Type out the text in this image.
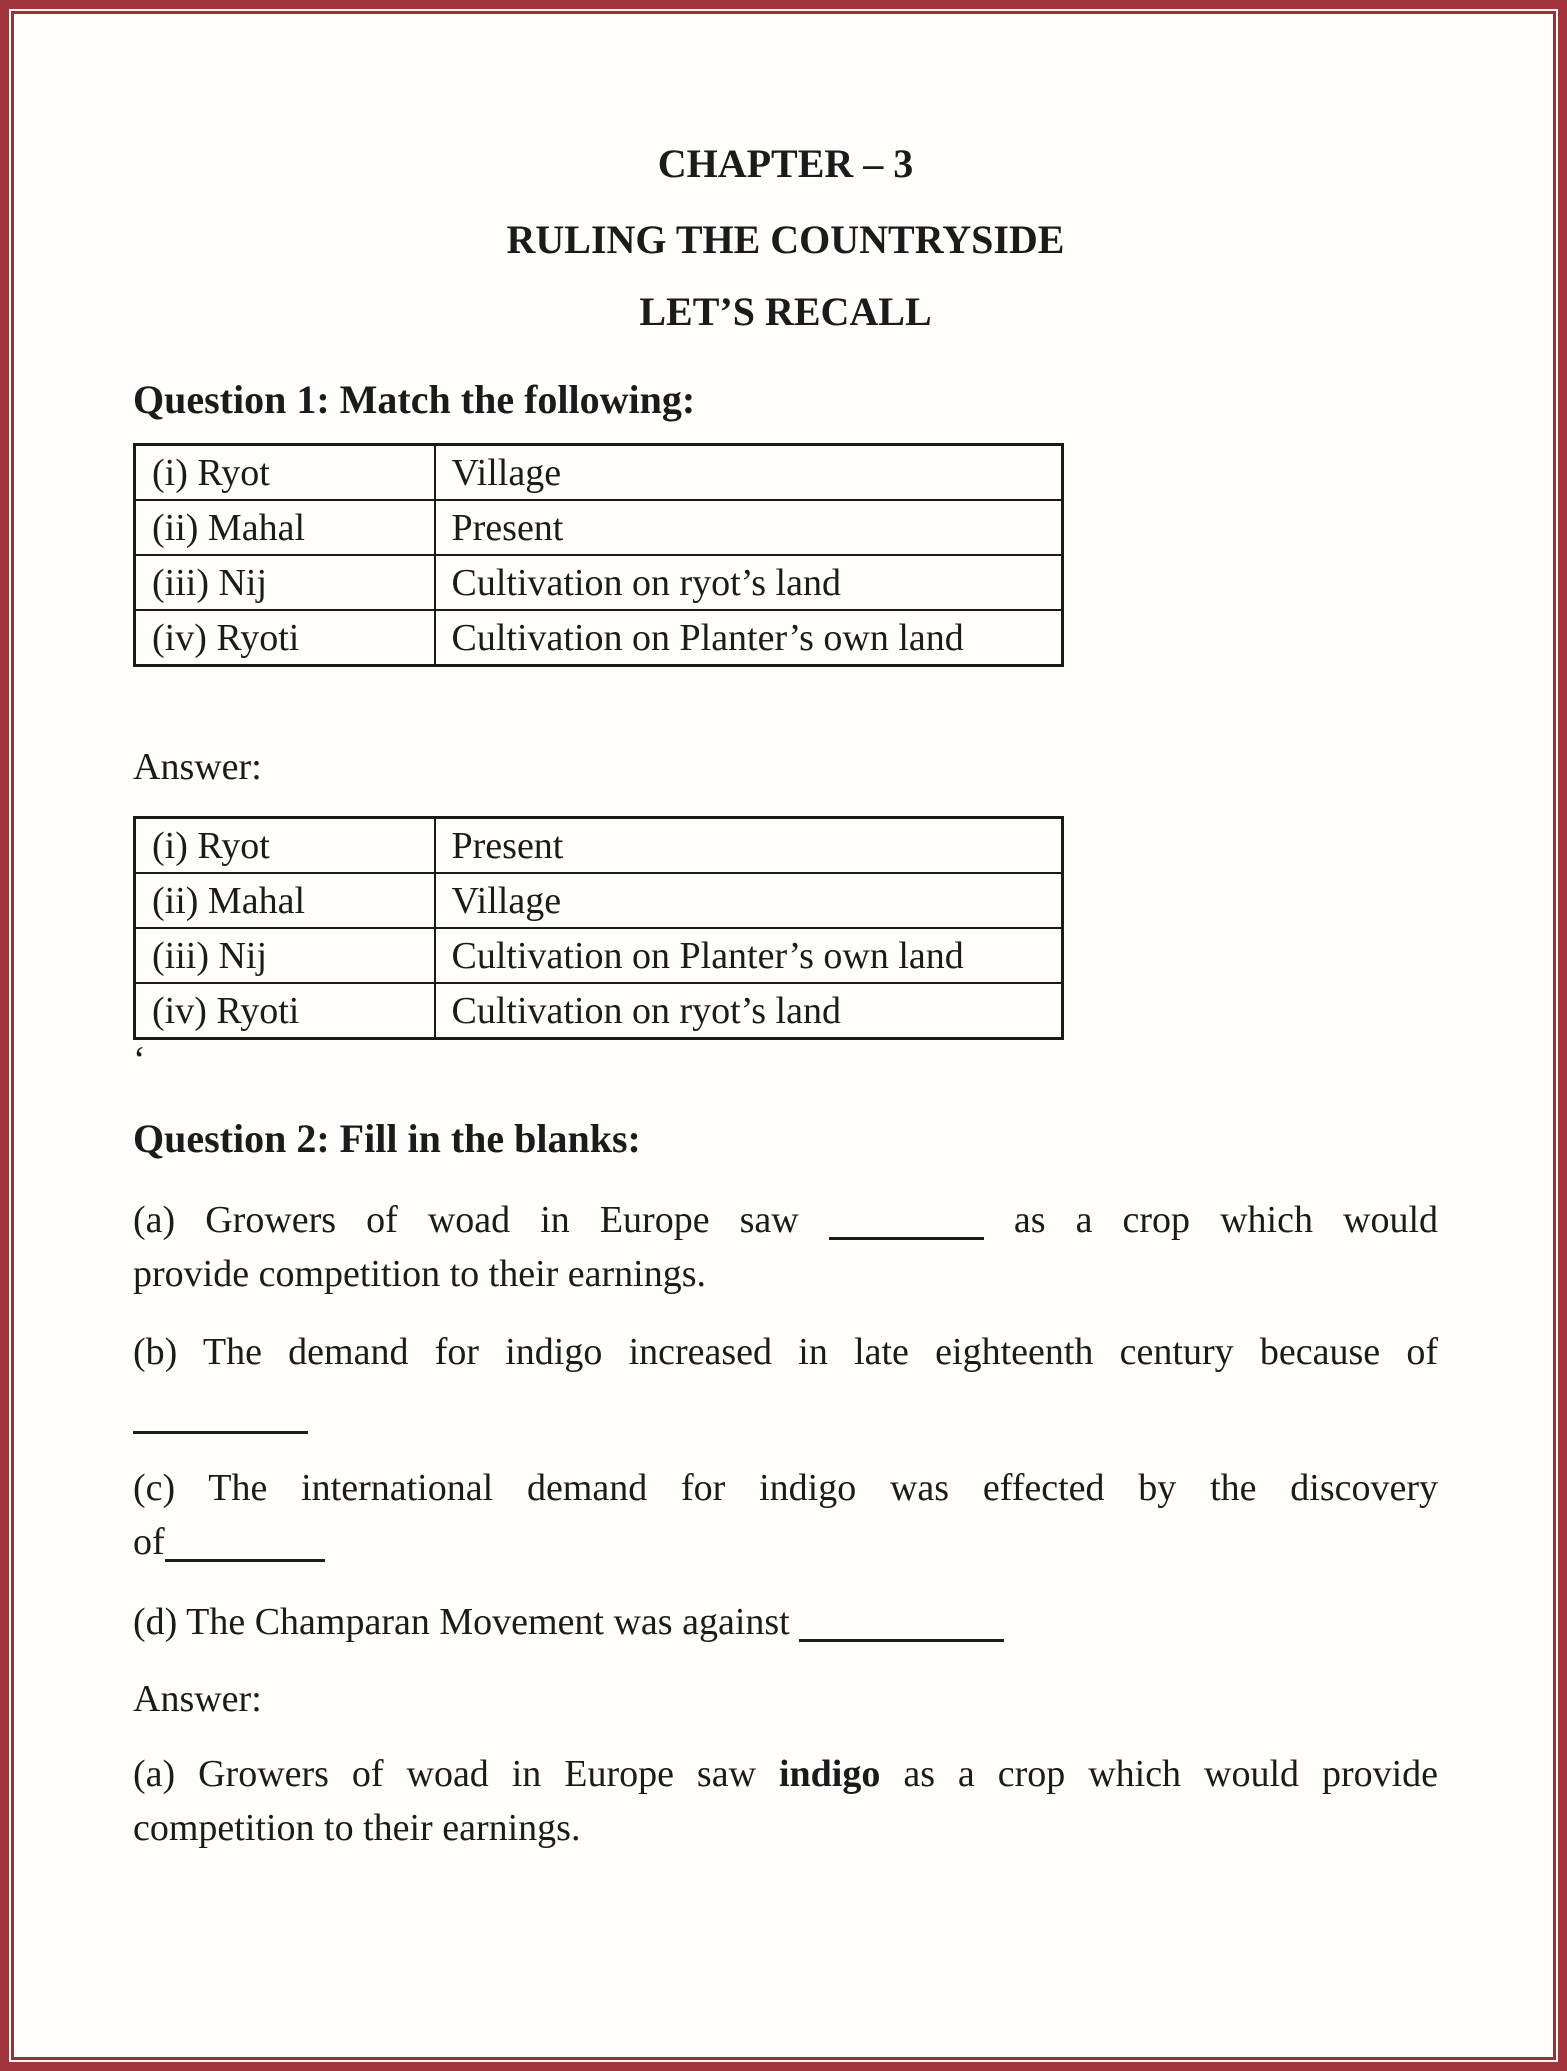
CHAPTER – 3
RULING THE COUNTRYSIDE
LET’S RECALL
Question 1: Match the following:
(i) Ryot	Village
(ii) Mahal	Present
(iii) Nij	Cultivation on ryot’s land
(iv) Ryoti	Cultivation on Planter’s own land
Answer:
(i) Ryot	Present
(ii) Mahal	Village
(iii) Nij	Cultivation on Planter’s own land
(iv) Ryoti	Cultivation on ryot’s land
‘
Question 2: Fill in the blanks:
(a) Growers of woad in Europe saw	as a crop which would
provide competition to their earnings.
(b) The demand for indigo increased in late eighteenth century because of
(c) The international demand for indigo was effected by the discovery
of
(d) The Champaran Movement was against
Answer:
(a) Growers of woad in Europe saw indigo as a crop which would provide
competition to their earnings.
